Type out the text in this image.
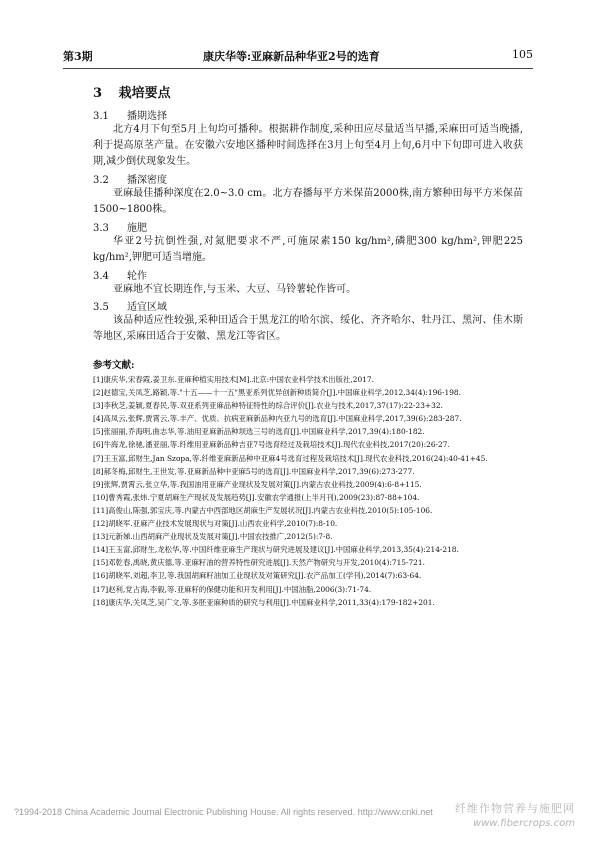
第3期	康庆华等:亚麻新品种华亚2号的选育	105
3 栽培要点
3.1 播期选择
北方4月下旬至5月上旬均可播种。根据耕作制度,采种田应尽量适当早播,采麻田可适当晚播,利于提高原茎产量。在安徽六安地区播种时间选择在3月上旬至4月上旬,6月中下旬即可进入收获期,减少倒伏现象发生。
3.2 播深密度
亚麻最佳播种深度在2.0~3.0 cm。北方春播每平方米保苗2000株,南方繁种田每平方米保苗1500~1800株。
3.3 施肥
华亚2号抗倒性强,对氮肥要求不严,可施尿素150 kg/hm²,磷肥300 kg/hm²,钾肥225 kg/hm²,钾肥可适当增施。
3.4 轮作
亚麻地不宜长期连作,与玉米、大豆、马铃薯轮作皆可。
3.5 适宜区域
该品种适应性较强,采种田适合于黑龙江的哈尔滨、绥化、齐齐哈尔、牡丹江、黑河、佳木斯等地区,采麻田适合于安徽、黑龙江等省区。
参考文献:
[1]康庆华,宋春霞,姜卫东.亚麻种植实用技术[M].北京:中国农业科学技术出版社,2017.
[2]赵德宝,关凤芝,路颖,等."十五——十一五"黑亚系列优异创新种质简介[J].中国麻业科学,2012,34(4):196-198.
[3]李秋芝,姜颖,夏春民,等.双亚系列亚麻品种特征特性的综合评价[J].农业与技术,2017,37(17):22-23+32.
[4]高凤云,张辉,贾霄云,等.丰产、优质、抗病亚麻新品种内亚九号的选育[J].中国麻业科学,2017,39(6):283-287.
[5]张丽丽,乔海明,曲志华,等.油用亚麻新品种坝选三号的选育[J].中国麻业科学,2017,39(4):180-182.
[6]牛海龙,徐驰,潘亚丽,等.纤维用亚麻新品种吉亚7号选育经过及栽培技术[J].现代农业科技,2017(20):26-27.
[7]王玉富,邱财生,Jan Szopa,等.纤维亚麻新品种中亚麻4号选育过程及栽培技术[J].现代农业科技,2016(24):40-41+45.
[8]郝冬梅,邱财生,王世发,等.亚麻新品种中亚麻5号的选育[J].中国麻业科学,2017,39(6):273-277.
[9]张辉,贾霄云,张立华,等.我国油用亚麻产业现状及发展对策[J].内蒙古农业科技,2009(4):6-8+115.
[10]曹秀霞,张炜.宁夏胡麻生产现状及发展趋势[J].安徽农学通报(上半月刊),2009(23):87-88+104.
[11]高俊山,陈强,郭宝庆,等.内蒙古中西部地区胡麻生产发展状况[J].内蒙古农业科技,2010(5):105-106.
[12]胡晓军.亚麻产业技术发展现状与对策[J].山西农业科学,2010(7):8-10.
[13]元新娣.山西胡麻产业现状及发展对策[J].中国农技推广,2012(5):7-8.
[14]王玉富,邱财生,龙松华,等.中国纤维亚麻生产现状与研究进展及建议[J].中国麻业科学,2013,35(4):214-218.
[15]邓乾春,禹晓,黄庆德,等.亚麻籽油的营养特性研究进展[J].天然产物研究与开发,2010(4):715-721.
[16]胡晓军,刘超,李卫,等.我国胡麻籽油加工业现状及对策研究[J].农产品加工(学刊),2014(7):63-64.
[17]赵利,党占海,李毅,等.亚麻籽的保健功能和开发利用[J].中国油脂,2006(3):71-74.
[18]康庆华,关凤芝,吴广文,等.多胚亚麻种质的研究与利用[J].中国麻业科学,2011,33(4):179-182+201.
?1994-2018 China Academic Journal Electronic Publishing House. All rights reserved. http://www.cnki.net 纤维作物营养与施肥网
www.fibercrops.com
